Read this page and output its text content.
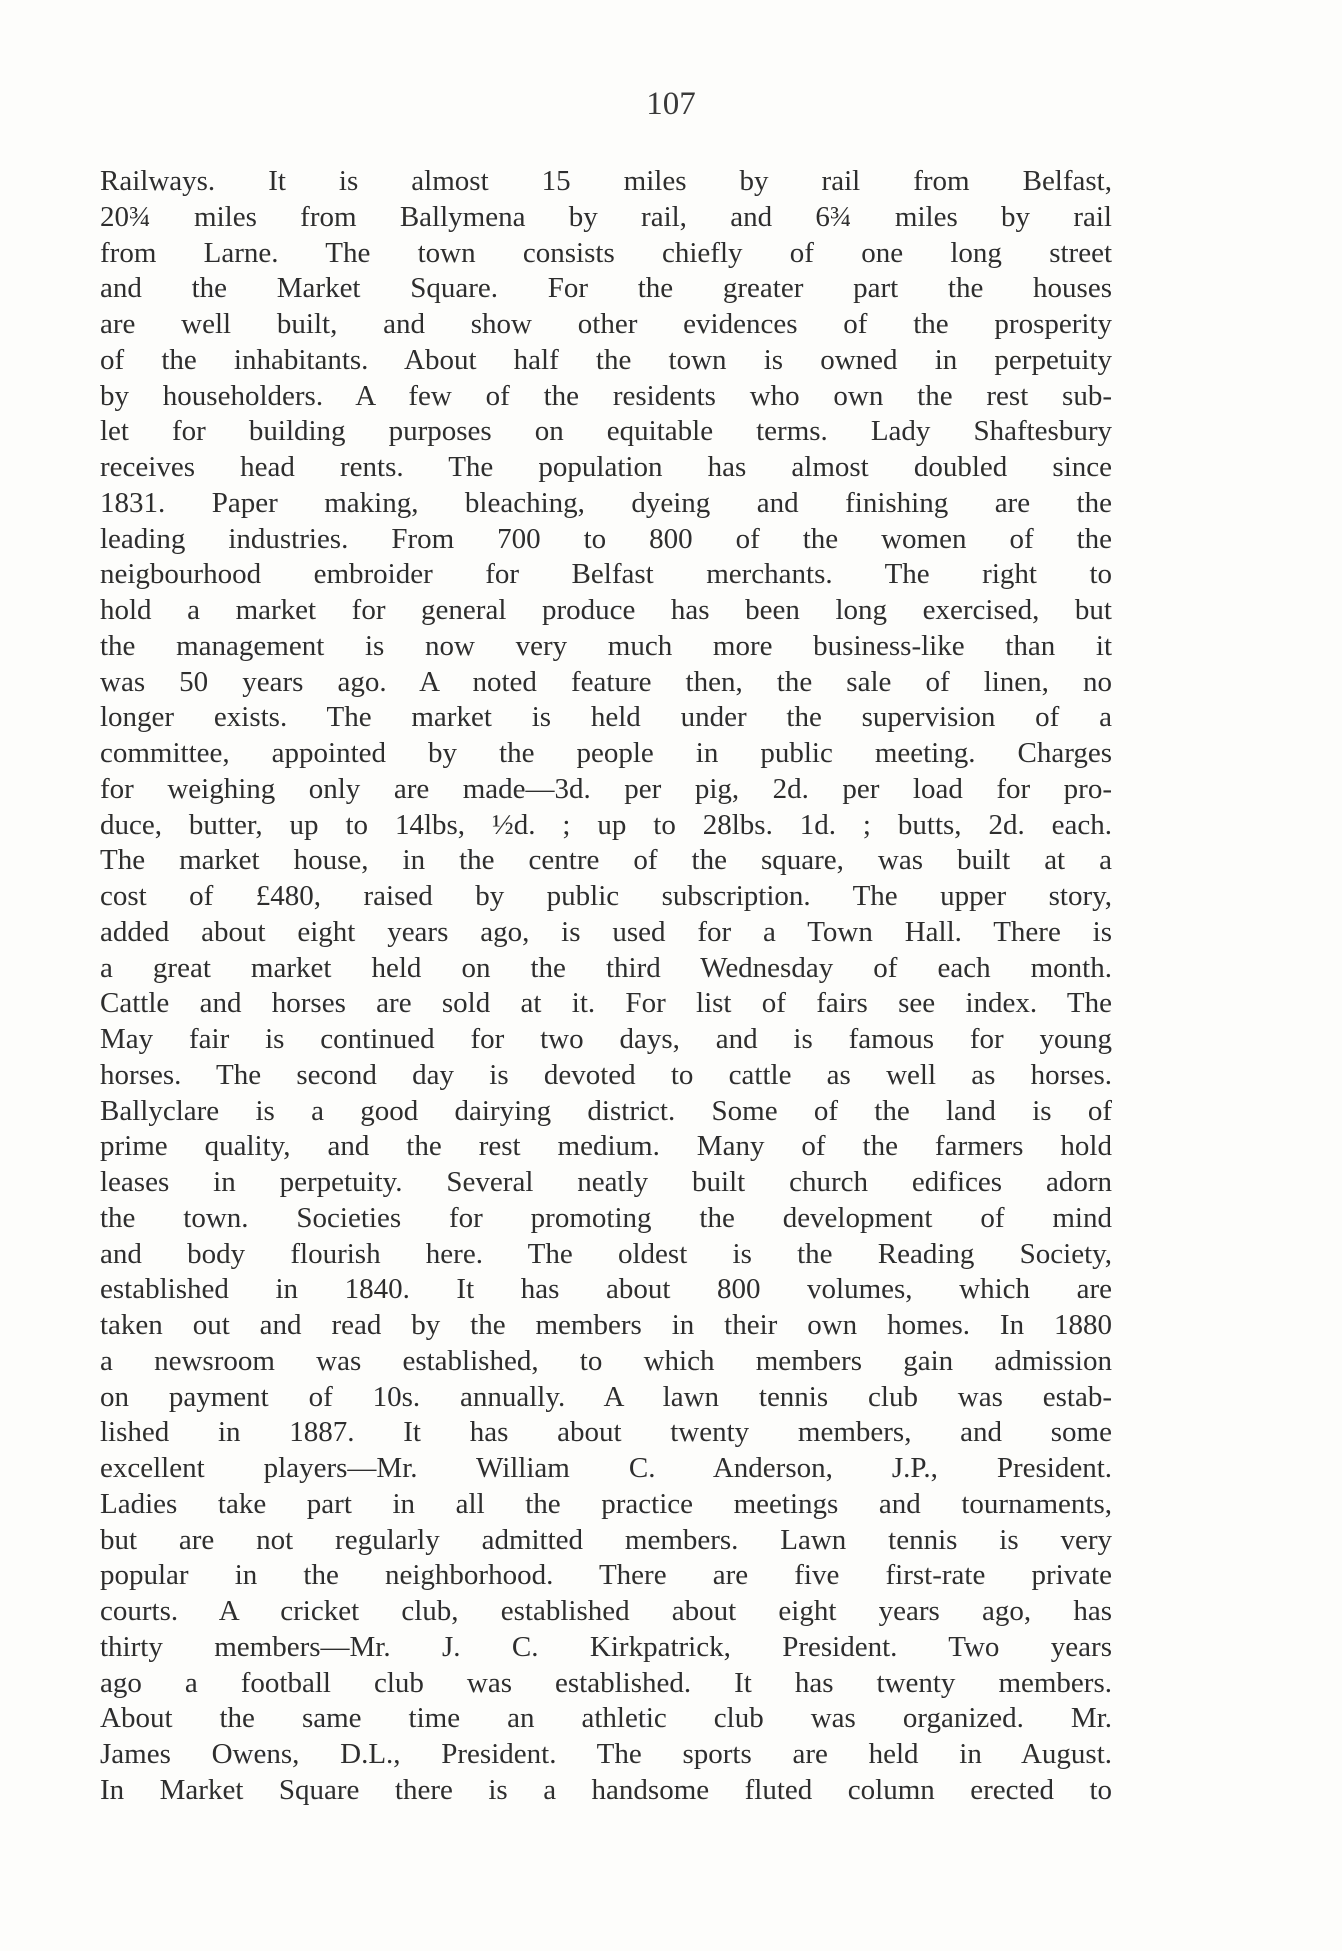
107
Railways. It is almost 15 miles by rail from Belfast,
20¾ miles from Ballymena by rail, and 6¾ miles by rail
from Larne. The town consists chiefly of one long street
and the Market Square. For the greater part the houses
are well built, and show other evidences of the prosperity
of the inhabitants. About half the town is owned in perpetuity
by householders. A few of the residents who own the rest sub-
let for building purposes on equitable terms. Lady Shaftesbury
receives head rents. The population has almost doubled since
1831. Paper making, bleaching, dyeing and finishing are the
leading industries. From 700 to 800 of the women of the
neigbourhood embroider for Belfast merchants. The right to
hold a market for general produce has been long exercised, but
the management is now very much more business-like than it
was 50 years ago. A noted feature then, the sale of linen, no
longer exists. The market is held under the supervision of a
committee, appointed by the people in public meeting. Charges
for weighing only are made—3d. per pig, 2d. per load for pro-
duce, butter, up to 14lbs, ½d. ; up to 28lbs. 1d. ; butts, 2d. each.
The market house, in the centre of the square, was built at a
cost of £480, raised by public subscription. The upper story,
added about eight years ago, is used for a Town Hall. There is
a great market held on the third Wednesday of each month.
Cattle and horses are sold at it. For list of fairs see index. The
May fair is continued for two days, and is famous for young
horses. The second day is devoted to cattle as well as horses.
Ballyclare is a good dairying district. Some of the land is of
prime quality, and the rest medium. Many of the farmers hold
leases in perpetuity. Several neatly built church edifices adorn
the town. Societies for promoting the development of mind
and body flourish here. The oldest is the Reading Society,
established in 1840. It has about 800 volumes, which are
taken out and read by the members in their own homes. In 1880
a newsroom was established, to which members gain admission
on payment of 10s. annually. A lawn tennis club was estab-
lished in 1887. It has about twenty members, and some
excellent players—Mr. William C. Anderson, J.P., President.
Ladies take part in all the practice meetings and tournaments,
but are not regularly admitted members. Lawn tennis is very
popular in the neighborhood. There are five first-rate private
courts. A cricket club, established about eight years ago, has
thirty members—Mr. J. C. Kirkpatrick, President. Two years
ago a football club was established. It has twenty members.
About the same time an athletic club was organized. Mr.
James Owens, D.L., President. The sports are held in August.
In Market Square there is a handsome fluted column erected to
